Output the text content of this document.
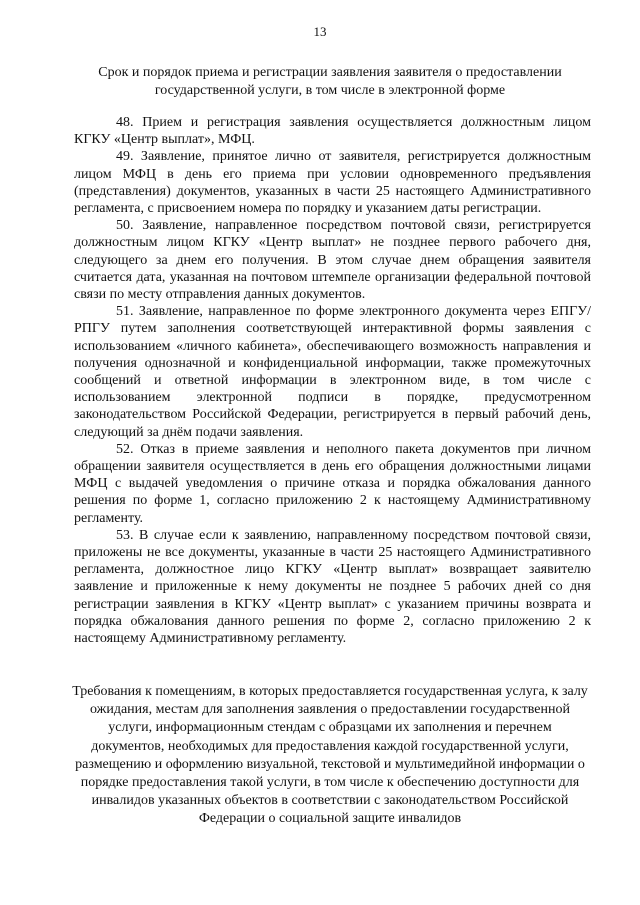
13
Срок и порядок приема и регистрации заявления заявителя о предоставлении государственной услуги, в том числе в электронной форме

48. Прием и регистрация заявления осуществляется должностным лицом КГКУ «Центр выплат», МФЦ.

49. Заявление, принятое лично от заявителя, регистрируется должностным лицом МФЦ в день его приема при условии одновременного предъявления (представления) документов, указанных в части 25 настоящего Административного регламента, с присвоением номера по порядку и указанием даты регистрации.

50. Заявление, направленное посредством почтовой связи, регистрируется должностным лицом КГКУ «Центр выплат» не позднее первого рабочего дня, следующего за днем его получения. В этом случае днем обращения заявителя считается дата, указанная на почтовом штемпеле организации федеральной почтовой связи по месту отправления данных документов.

51. Заявление, направленное по форме электронного документа через ЕПГУ/РПГУ путем заполнения соответствующей интерактивной формы заявления с использованием «личного кабинета», обеспечивающего возможность направления и получения однозначной и конфиденциальной информации, также промежуточных сообщений и ответной информации в электронном виде, в том числе с использованием электронной подписи в порядке, предусмотренном законодательством Российской Федерации, регистрируется в первый рабочий день, следующий за днём подачи заявления.

52. Отказ в приеме заявления и неполного пакета документов при личном обращении заявителя осуществляется в день его обращения должностными лицами МФЦ с выдачей уведомления о причине отказа и порядка обжалования данного решения по форме 1, согласно приложению 2 к настоящему Административному регламенту.

53. В случае если к заявлению, направленному посредством почтовой связи, приложены не все документы, указанные в части 25 настоящего Административного регламента, должностное лицо КГКУ «Центр выплат» возвращает заявителю заявление и приложенные к нему документы не позднее 5 рабочих дней со дня регистрации заявления в КГКУ «Центр выплат» с указанием причины возврата и порядка обжалования данного решения по форме 2, согласно приложению 2 к настоящему Административному регламенту.

Требования к помещениям, в которых предоставляется государственная услуга, к залу ожидания, местам для заполнения заявления о предоставлении государственной услуги, информационным стендам с образцами их заполнения и перечнем документов, необходимых для предоставления каждой государственной услуги, размещению и оформлению визуальной, текстовой и мультимедийной информации о порядке предоставления такой услуги, в том числе к обеспечению доступности для инвалидов указанных объектов в соответствии с законодательством Российской Федерации о социальной защите инвалидов
